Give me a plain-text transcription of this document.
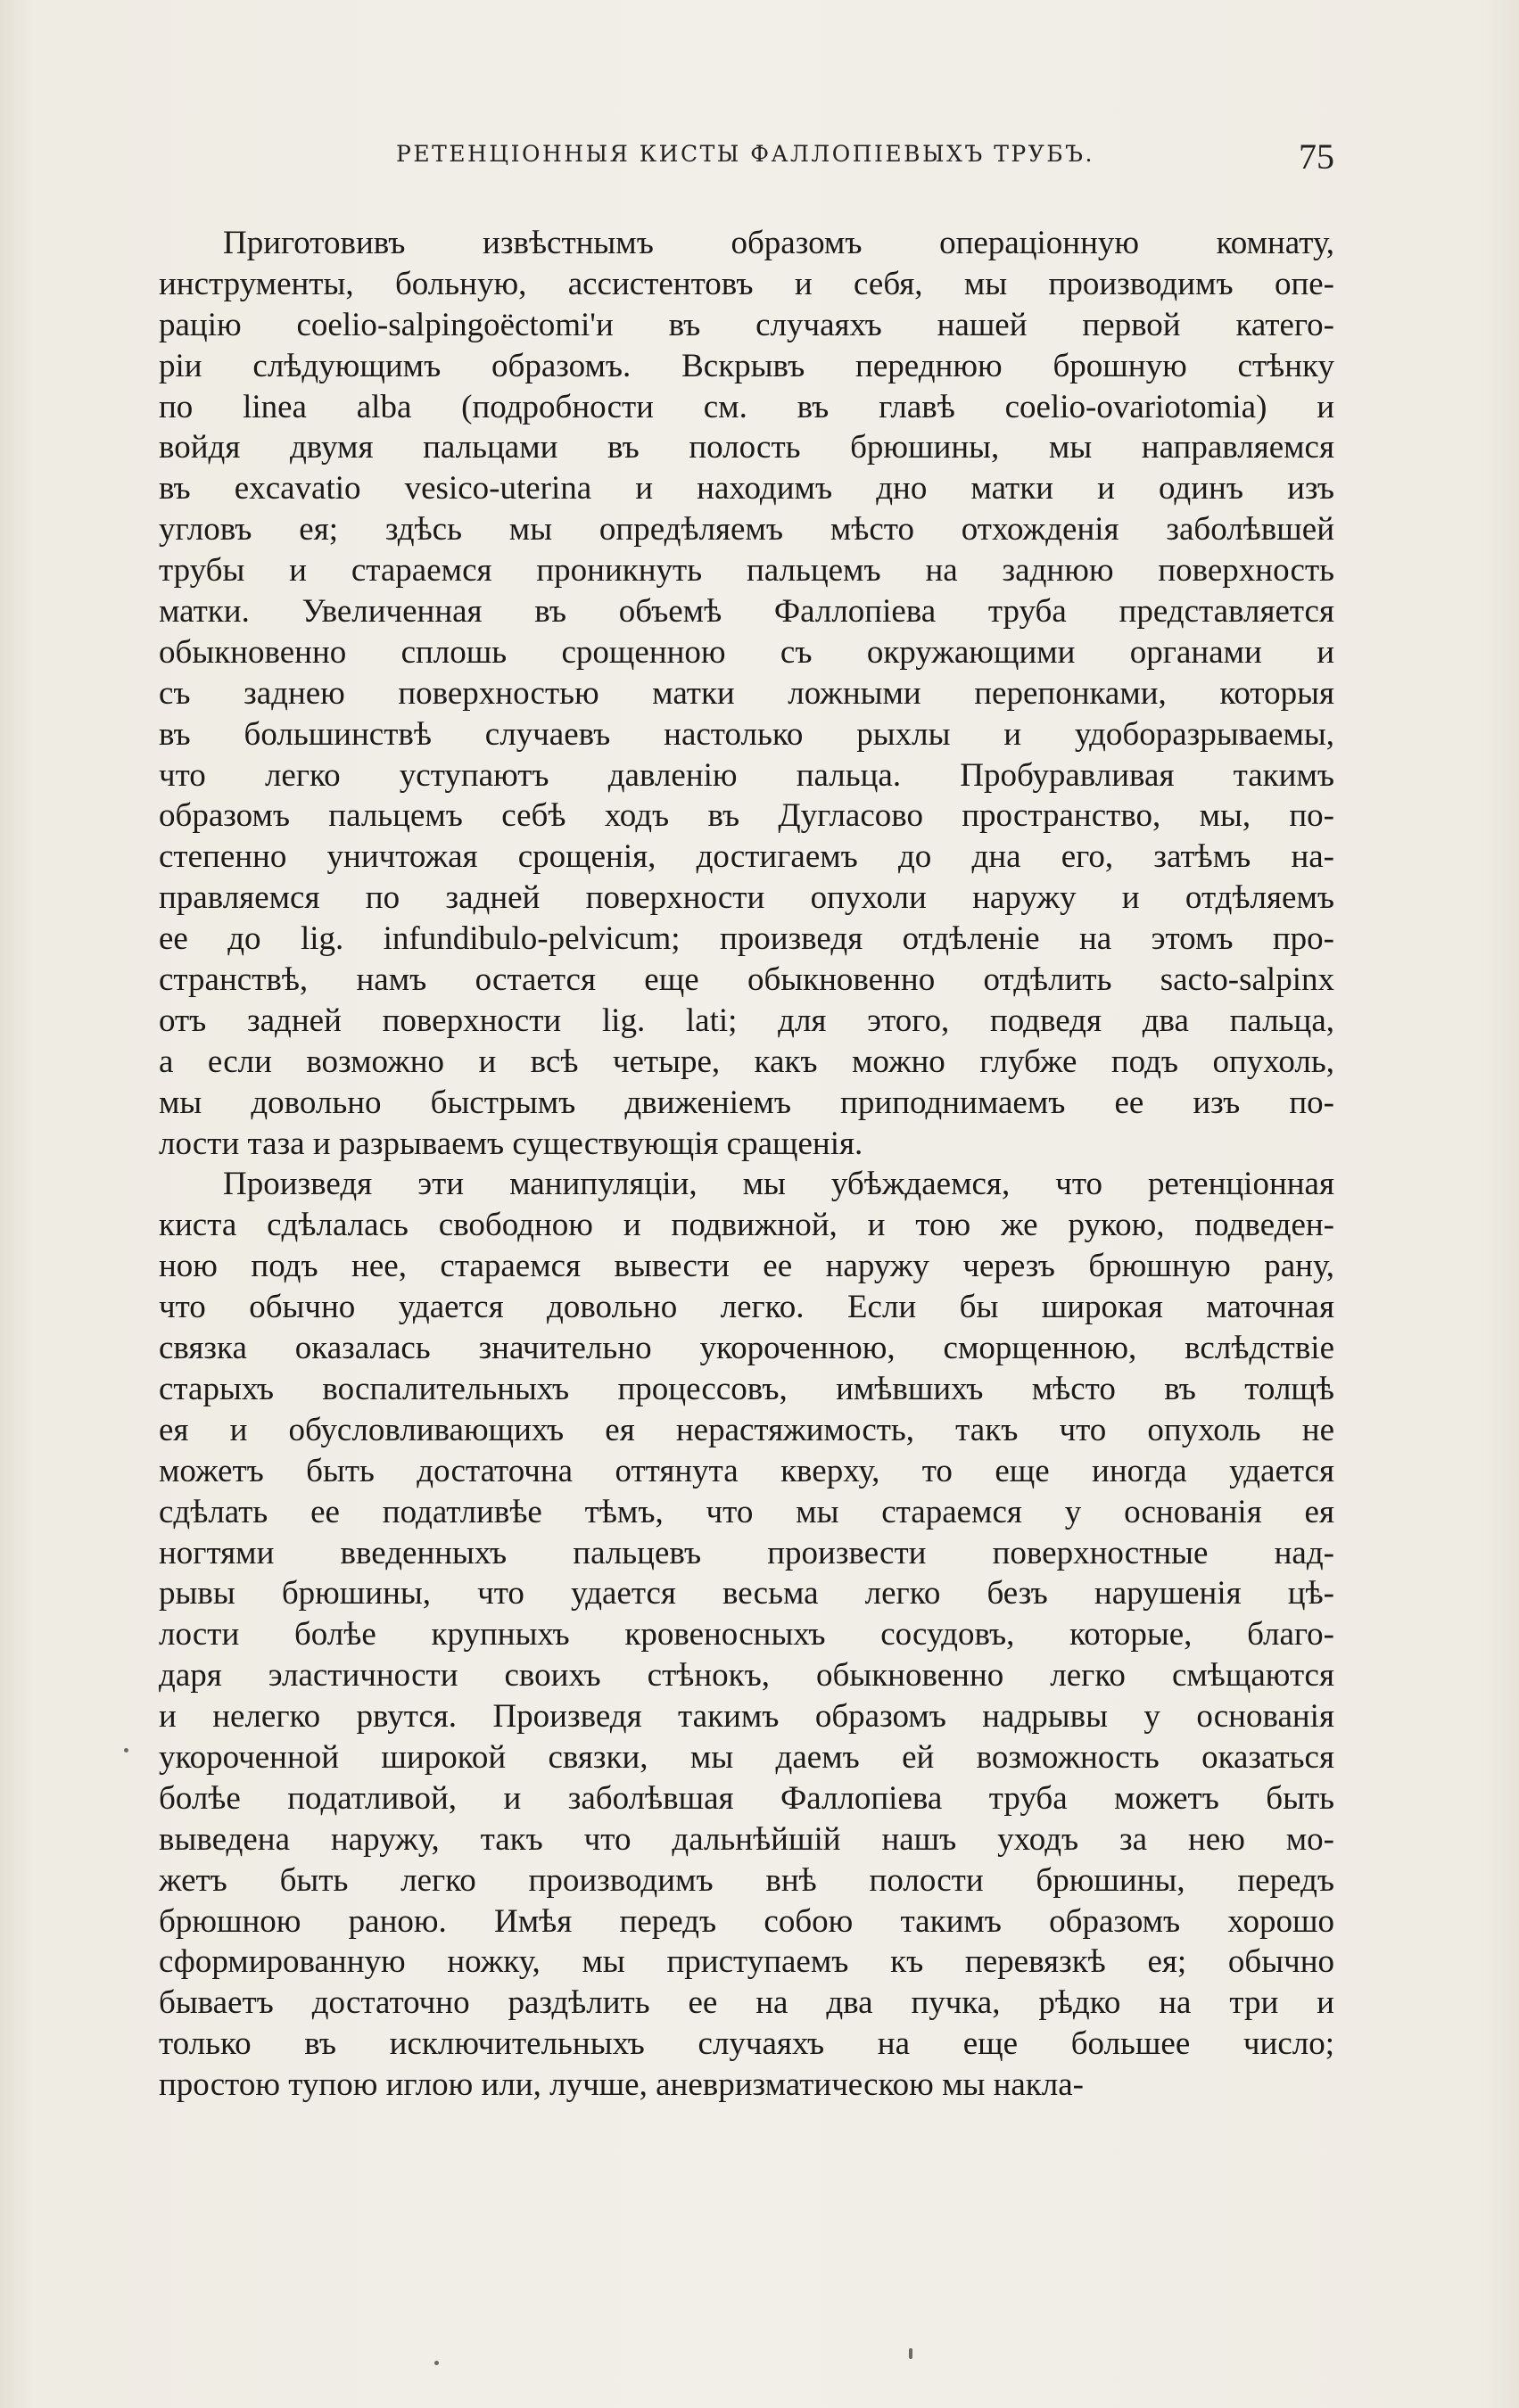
РЕТЕНЦІОННЫЯ КИСТЫ ФАЛЛОПІЕВЫХЪ ТРУБЪ.	75
Приготовивъ извѣстнымъ образомъ операціонную комнату,
инструменты, больную, ассистентовъ и себя, мы производимъ опе-
рацію coelio-salpingoëctomi'и въ случаяхъ нашей первой катего-
ріи слѣдующимъ образомъ. Вскрывъ переднюю брошную стѣнку
по linea alba (подробности см. въ главѣ coelio-ovariotomia) и
войдя двумя пальцами въ полость брюшины, мы направляемся
въ excavatio vesico-uterina и находимъ дно матки и одинъ изъ
угловъ ея; здѣсь мы опредѣляемъ мѣсто отхожденія заболѣвшей
трубы и стараемся проникнуть пальцемъ на заднюю поверхность
матки. Увеличенная въ объемѣ Фаллопіева труба представляется
обыкновенно сплошь срощенною съ окружающими органами и
съ заднею поверхностью матки ложными перепонками, которыя
въ большинствѣ случаевъ настолько рыхлы и удоборазрываемы,
что легко уступаютъ давленію пальца. Пробуравливая такимъ
образомъ пальцемъ себѣ ходъ въ Дугласово пространство, мы, по-
степенно уничтожая срощенія, достигаемъ до дна его, затѣмъ на-
правляемся по задней поверхности опухоли наружу и отдѣляемъ
ее до lig. infundibulo-pelvicum; произведя отдѣленіе на этомъ про-
странствѣ, намъ остается еще обыкновенно отдѣлить sacto-salpinx
отъ задней поверхности lig. lati; для этого, подведя два пальца,
а если возможно и всѣ четыре, какъ можно глубже подъ опухоль,
мы довольно быстрымъ движеніемъ приподнимаемъ ее изъ по-
лости таза и разрываемъ существующія сращенія.
Произведя эти манипуляціи, мы убѣждаемся, что ретенціонная
киста сдѣлалась свободною и подвижной, и тою же рукою, подведен-
ною подъ нее, стараемся вывести ее наружу черезъ брюшную рану,
что обычно удается довольно легко. Если бы широкая маточная
связка оказалась значительно укороченною, сморщенною, вслѣдствіе
старыхъ воспалительныхъ процессовъ, имѣвшихъ мѣсто въ толщѣ
ея и обусловливающихъ ея нерастяжимость, такъ что опухоль не
можетъ быть достаточна оттянута кверху, то еще иногда удается
сдѣлать ее податливѣе тѣмъ, что мы стараемся у основанія ея
ногтями введенныхъ пальцевъ произвести поверхностные над-
рывы брюшины, что удается весьма легко безъ нарушенія цѣ-
лости болѣе крупныхъ кровеносныхъ сосудовъ, которые, благо-
даря эластичности своихъ стѣнокъ, обыкновенно легко смѣщаются
и нелегко рвутся. Произведя такимъ образомъ надрывы у основанія
укороченной широкой связки, мы даемъ ей возможность оказаться
болѣе податливой, и заболѣвшая Фаллопіева труба можетъ быть
выведена наружу, такъ что дальнѣйшій нашъ уходъ за нею мо-
жетъ быть легко производимъ внѣ полости брюшины, передъ
брюшною раною. Имѣя передъ собою такимъ образомъ хорошо
сформированную ножку, мы приступаемъ къ перевязкѣ ея; обычно
бываетъ достаточно раздѣлить ее на два пучка, рѣдко на три и
только въ исключительныхъ случаяхъ на еще большее число;
простою тупою иглою или, лучше, аневризматическою мы накла-
